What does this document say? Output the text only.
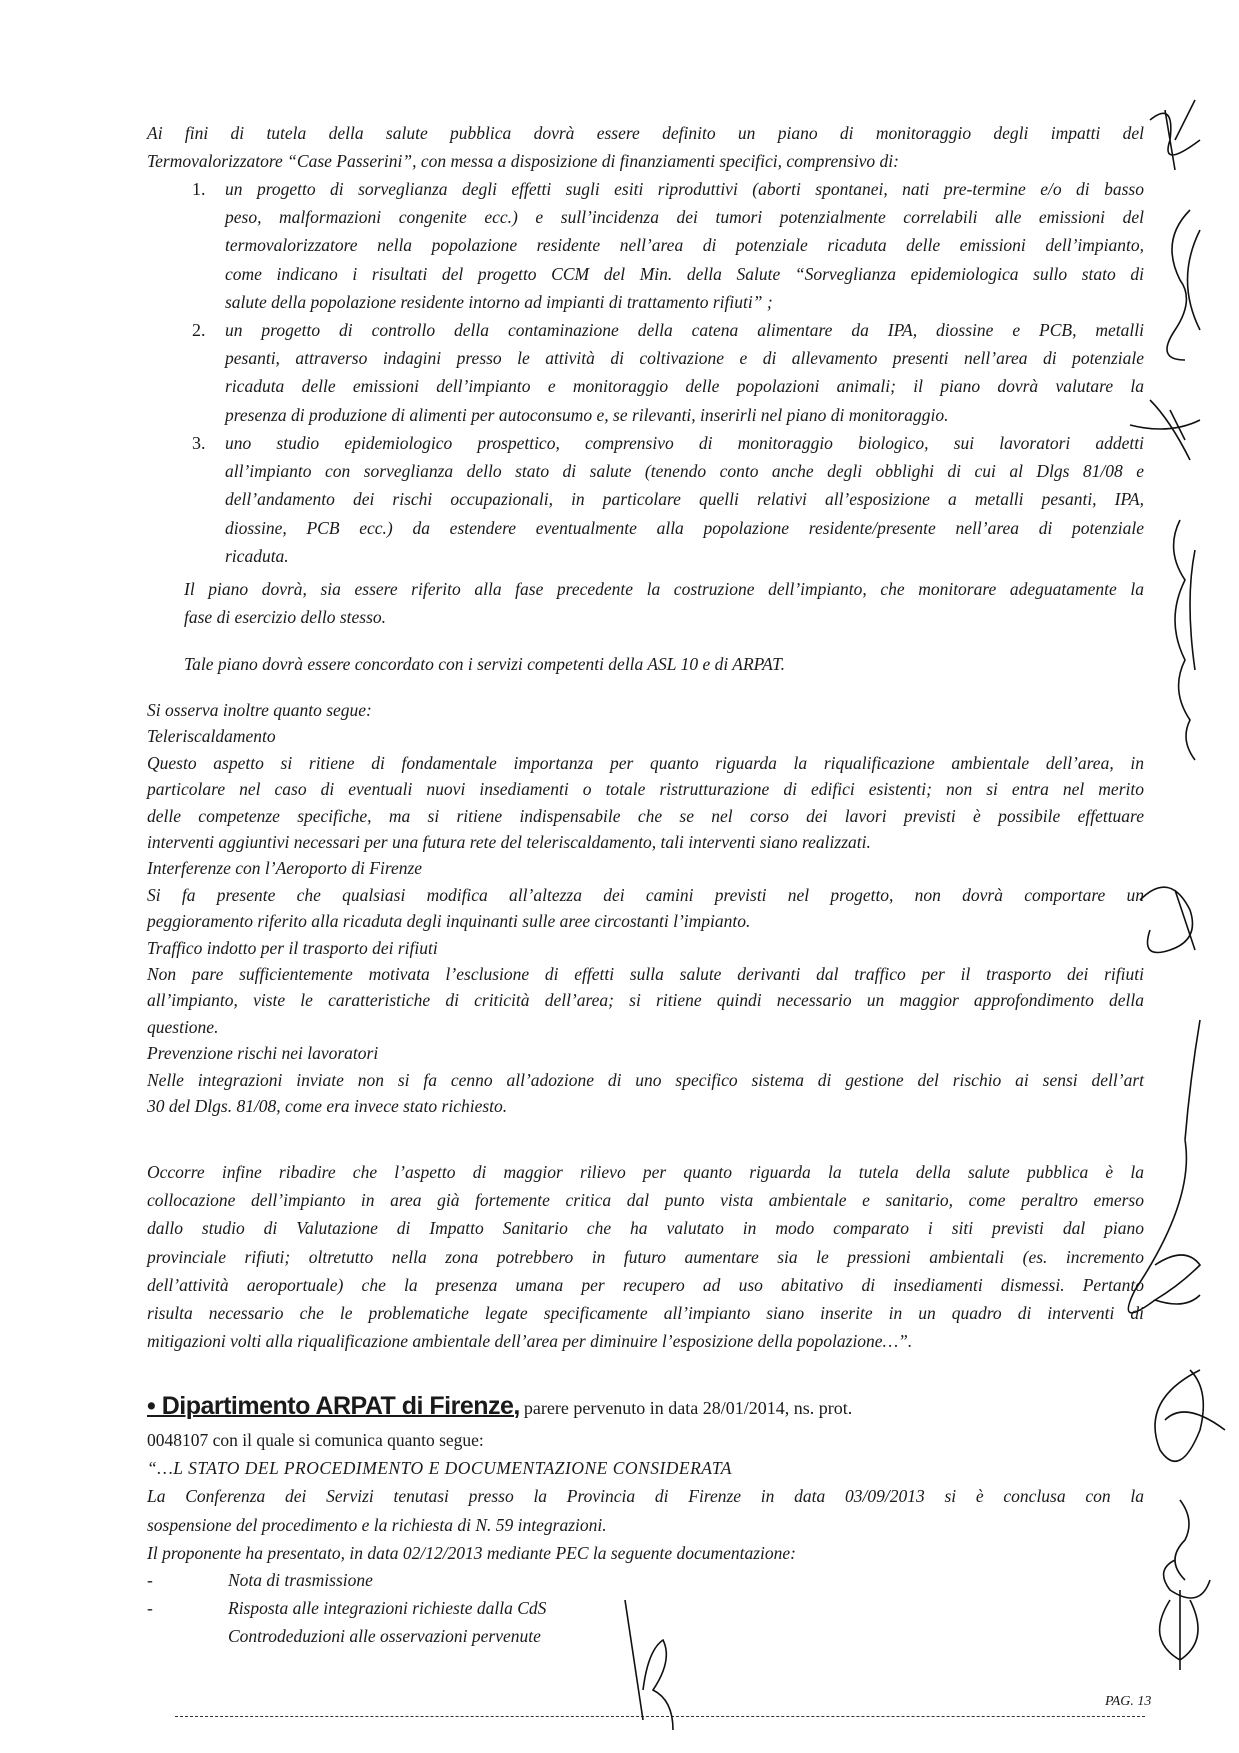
Ai fini di tutela della salute pubblica dovrà essere definito un piano di monitoraggio degli impatti del
Termovalorizzatore “Case Passerini”, con messa a disposizione di finanziamenti specifici, comprensivo di:
1. un progetto di sorveglianza degli effetti sugli esiti riproduttivi (aborti spontanei, nati pre-termine e/o di basso
peso, malformazioni congenite ecc.) e sull’incidenza dei tumori potenzialmente correlabili alle emissioni del
termovalorizzatore nella popolazione residente nell’area di potenziale ricaduta delle emissioni dell’impianto,
come indicano i risultati del progetto CCM del Min. della Salute “Sorveglianza epidemiologica sullo stato di
salute della popolazione residente intorno ad impianti di trattamento rifiuti” ;
2. un progetto di controllo della contaminazione della catena alimentare da IPA, diossine e PCB, metalli
pesanti, attraverso indagini presso le attività di coltivazione e di allevamento presenti nell’area di potenziale
ricaduta delle emissioni dell’impianto e monitoraggio delle popolazioni animali; il piano dovrà valutare la
presenza di produzione di alimenti per autoconsumo e, se rilevanti, inserirli nel piano di monitoraggio.
3. uno studio epidemiologico prospettico, comprensivo di monitoraggio biologico, sui lavoratori addetti
all’impianto con sorveglianza dello stato di salute (tenendo conto anche degli obblighi di cui al Dlgs 81/08 e
dell’andamento dei rischi occupazionali, in particolare quelli relativi all’esposizione a metalli pesanti, IPA,
diossine, PCB ecc.) da estendere eventualmente alla popolazione residente/presente nell’area di potenziale
ricaduta.
Il piano dovrà, sia essere riferito alla fase precedente la costruzione dell’impianto, che monitorare adeguatamente la
fase di esercizio dello stesso.
Tale piano dovrà essere concordato con i servizi competenti della ASL 10 e di ARPAT.
Si osserva inoltre quanto segue:
Teleriscaldamento
Questo aspetto si ritiene di fondamentale importanza per quanto riguarda la riqualificazione ambientale dell’area, in
particolare nel caso di eventuali nuovi insediamenti o totale ristrutturazione di edifici esistenti; non si entra nel merito
delle competenze specifiche, ma si ritiene indispensabile che se nel corso dei lavori previsti è possibile effettuare
interventi aggiuntivi necessari per una futura rete del teleriscaldamento, tali interventi siano realizzati.
Interferenze con l’Aeroporto di Firenze
Si fa presente che qualsiasi modifica all’altezza dei camini previsti nel progetto, non dovrà comportare un
peggioramento riferito alla ricaduta degli inquinanti sulle aree circostanti l’impianto.
Traffico indotto per il trasporto dei rifiuti
Non pare sufficientemente motivata l’esclusione di effetti sulla salute derivanti dal traffico per il trasporto dei rifiuti
all’impianto, viste le caratteristiche di criticità dell’area; si ritiene quindi necessario un maggior approfondimento della
questione.
Prevenzione rischi nei lavoratori
Nelle integrazioni inviate non si fa cenno all’adozione di uno specifico sistema di gestione del rischio ai sensi dell’art
30 del Dlgs. 81/08, come era invece stato richiesto.
Occorre infine ribadire che l’aspetto di maggior rilievo per quanto riguarda la tutela della salute pubblica è la
collocazione dell’impianto in area già fortemente critica dal punto vista ambientale e sanitario, come peraltro emerso
dallo studio di Valutazione di Impatto Sanitario che ha valutato in modo comparato i siti previsti dal piano
provinciale rifiuti; oltretutto nella zona potrebbero in futuro aumentare sia le pressioni ambientali (es. incremento
dell’attività aeroportuale) che la presenza umana per recupero ad uso abitativo di insediamenti dismessi. Pertanto
risulta necessario che le problematiche legate specificamente all’impianto siano inserite in un quadro di interventi di
mitigazioni volti alla riqualificazione ambientale dell’area per diminuire l’esposizione della popolazione…”.
• Dipartimento ARPAT di Firenze, parere pervenuto in data 28/01/2014, ns. prot.
0048107 con il quale si comunica quanto segue:
“…L STATO DEL PROCEDIMENTO E DOCUMENTAZIONE CONSIDERATA
La Conferenza dei Servizi tenutasi presso la Provincia di Firenze in data 03/09/2013 si è conclusa con la
sospensione del procedimento e la richiesta di N. 59 integrazioni.
Il proponente ha presentato, in data 02/12/2013 mediante PEC la seguente documentazione:
-	Nota di trasmissione
-	Risposta alle integrazioni richieste dalla CdS
Controdeduzioni alle osservazioni pervenute
PAG. 13
